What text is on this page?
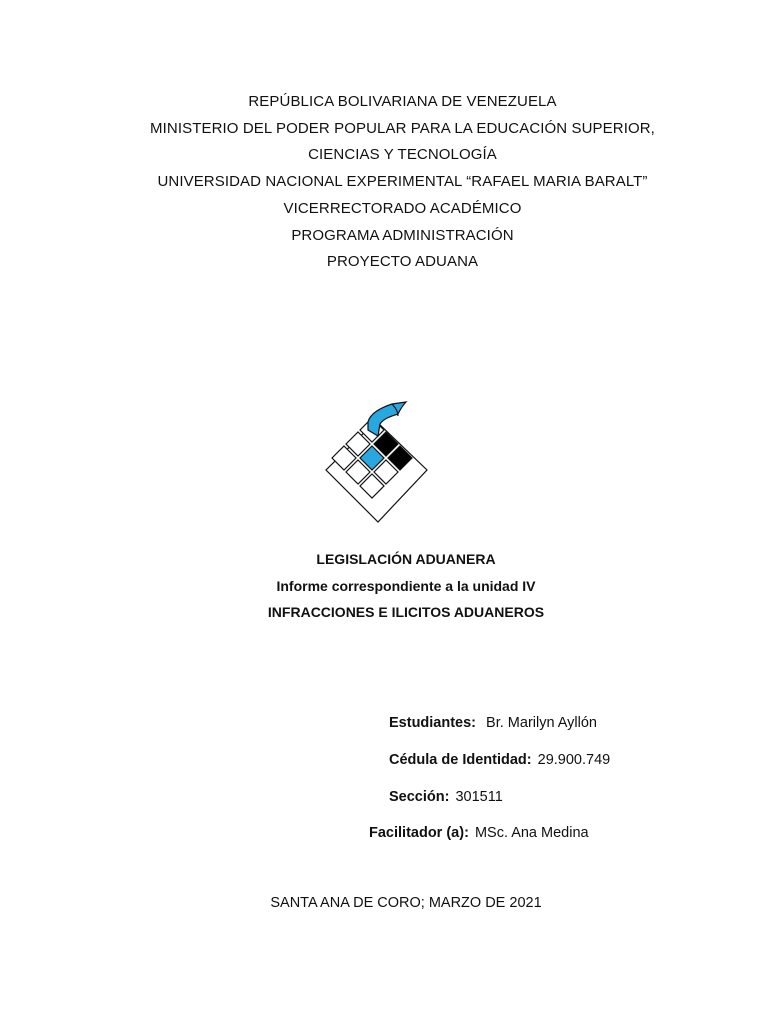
REPÚBLICA BOLIVARIANA DE VENEZUELA
MINISTERIO DEL PODER POPULAR PARA LA EDUCACIÓN SUPERIOR,
CIENCIAS Y TECNOLOGÍA
UNIVERSIDAD NACIONAL EXPERIMENTAL “RAFAEL MARIA BARALT”
VICERRECTORADO ACADÉMICO
PROGRAMA ADMINISTRACIÓN
PROYECTO ADUANA
LEGISLACIÓN ADUANERA
Informe correspondiente a la unidad IV
INFRACCIONES E ILICITOS ADUANEROS
Estudiantes: Br. Marilyn Ayllón
Cédula de Identidad: 29.900.749
Sección: 301511
Facilitador (a): MSc. Ana Medina
SANTA ANA DE CORO; MARZO DE 2021
